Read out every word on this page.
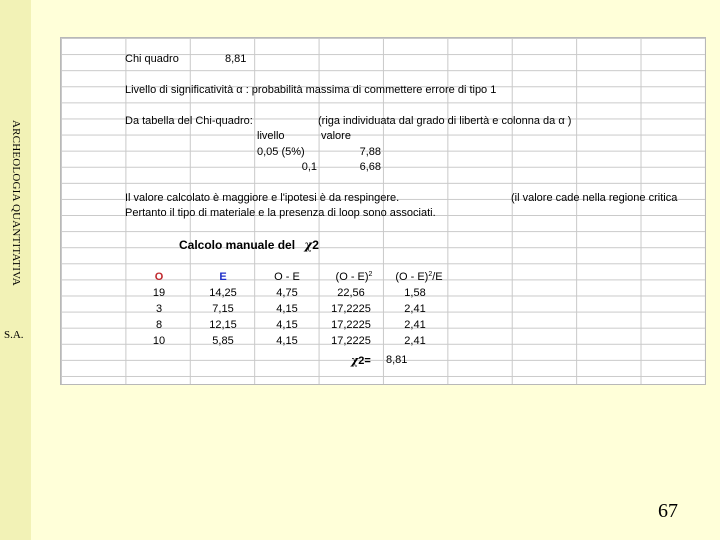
ARCHEOLOGIA QUANTITATIVA
S.A.
Chi quadro	8,81
Livello di significatività α : probabilità massima di commettere errore di tipo 1
Da tabella del Chi-quadro:	(riga individuata dal grado di libertà e colonna da α )
livello	valore
0,05 (5%)	7,88
0,1	6,68
Il valore calcolato è maggiore e l'ipotesi è da respingere.	(il valore cade nella regione critica
Pertanto il tipo di materiale e la presenza di loop sono associati.
Calcolo manuale del χ2
O	E	O - E	(O - E)$^2$	(O - E)$^2$/E
19	14,25	4,75	22,56	1,58
3	7,15	4,15	17,2225	2,41
8	12,15	4,15	17,2225	2,41
10	5,85	4,15	17,2225	2,41
χ2= 8,81
67
